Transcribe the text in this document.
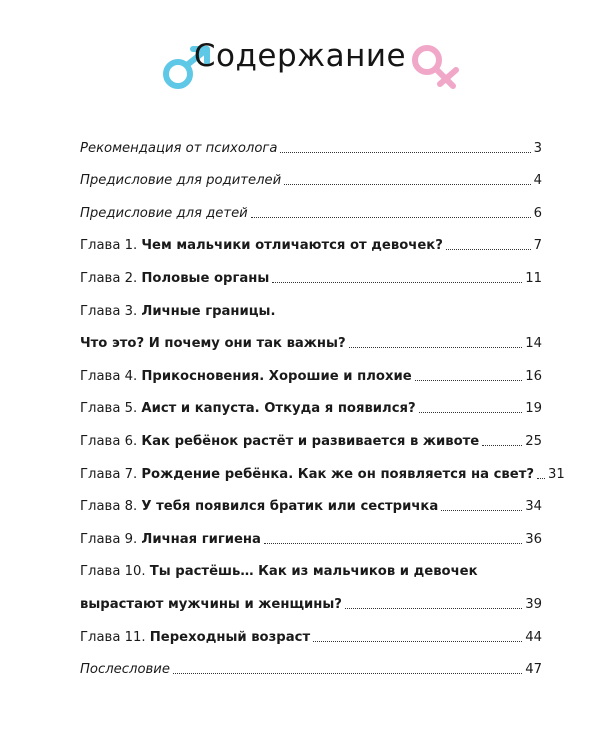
Содержание
Рекомендация от психолога	3
Предисловие для родителей	4
Предисловие для детей	6
Глава 1. Чем мальчики отличаются от девочек?	7
Глава 2. Половые органы	11
Глава 3. Личные границы.
Что это? И почему они так важны?	14
Глава 4. Прикосновения. Хорошие и плохие	16
Глава 5. Аист и капуста. Откуда я появился?	19
Глава 6. Как ребёнок растёт и развивается в животе	25
Глава 7. Рождение ребёнка. Как же он появляется на свет? 31
Глава 8. У тебя появился братик или сестричка	34
Глава 9. Личная гигиена	36
Глава 10. Ты растёшь… Как из мальчиков и девочек
вырастают мужчины и женщины?	39
Глава 11. Переходный возраст	44
Послесловие	47
